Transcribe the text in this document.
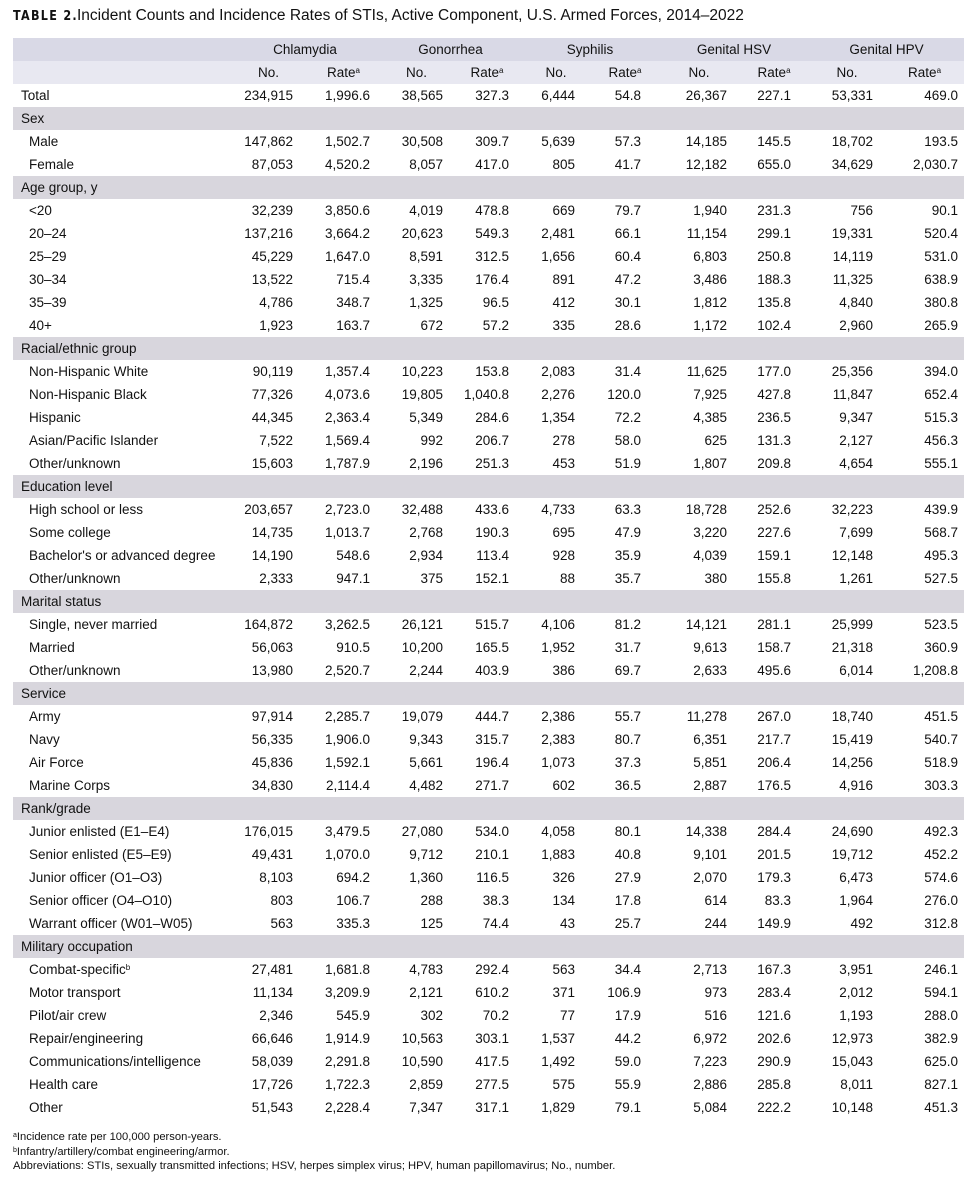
TABLE 2.Incident Counts and Incidence Rates of STIs, Active Component, U.S. Armed Forces, 2014–2022
	Chlamydia		Gonorrhea		Syphilis		Genital HSV		Genital HPV	
	No.	Rate$^a$	No.	Rate$^a$	No.	Rate$^a$	No.	Rate$^a$	No.	Rate$^a$
Total	234,915	1,996.6	38,565	327.3	6,444	54.8	26,367	227.1	53,331	469.0
Sex										
Male	147,862	1,502.7	30,508	309.7	5,639	57.3	14,185	145.5	18,702	193.5
Female	87,053	4,520.2	8,057	417.0	805	41.7	12,182	655.0	34,629	2,030.7
Age group, y										
<20	32,239	3,850.6	4,019	478.8	669	79.7	1,940	231.3	756	90.1
20–24	137,216	3,664.2	20,623	549.3	2,481	66.1	11,154	299.1	19,331	520.4
25–29	45,229	1,647.0	8,591	312.5	1,656	60.4	6,803	250.8	14,119	531.0
30–34	13,522	715.4	3,335	176.4	891	47.2	3,486	188.3	11,325	638.9
35–39	4,786	348.7	1,325	96.5	412	30.1	1,812	135.8	4,840	380.8
40+	1,923	163.7	672	57.2	335	28.6	1,172	102.4	2,960	265.9
Racial/ethnic group										
Non-Hispanic White	90,119	1,357.4	10,223	153.8	2,083	31.4	11,625	177.0	25,356	394.0
Non-Hispanic Black	77,326	4,073.6	19,805	1,040.8	2,276	120.0	7,925	427.8	11,847	652.4
Hispanic	44,345	2,363.4	5,349	284.6	1,354	72.2	4,385	236.5	9,347	515.3
Asian/Pacific Islander	7,522	1,569.4	992	206.7	278	58.0	625	131.3	2,127	456.3
Other/unknown	15,603	1,787.9	2,196	251.3	453	51.9	1,807	209.8	4,654	555.1
Education level										
High school or less	203,657	2,723.0	32,488	433.6	4,733	63.3	18,728	252.6	32,223	439.9
Some college	14,735	1,013.7	2,768	190.3	695	47.9	3,220	227.6	7,699	568.7
Bachelor's or advanced degree	14,190	548.6	2,934	113.4	928	35.9	4,039	159.1	12,148	495.3
Other/unknown	2,333	947.1	375	152.1	88	35.7	380	155.8	1,261	527.5
Marital status										
Single, never married	164,872	3,262.5	26,121	515.7	4,106	81.2	14,121	281.1	25,999	523.5
Married	56,063	910.5	10,200	165.5	1,952	31.7	9,613	158.7	21,318	360.9
Other/unknown	13,980	2,520.7	2,244	403.9	386	69.7	2,633	495.6	6,014	1,208.8
Service										
Army	97,914	2,285.7	19,079	444.7	2,386	55.7	11,278	267.0	18,740	451.5
Navy	56,335	1,906.0	9,343	315.7	2,383	80.7	6,351	217.7	15,419	540.7
Air Force	45,836	1,592.1	5,661	196.4	1,073	37.3	5,851	206.4	14,256	518.9
Marine Corps	34,830	2,114.4	4,482	271.7	602	36.5	2,887	176.5	4,916	303.3
Rank/grade										
Junior enlisted (E1–E4)	176,015	3,479.5	27,080	534.0	4,058	80.1	14,338	284.4	24,690	492.3
Senior enlisted (E5–E9)	49,431	1,070.0	9,712	210.1	1,883	40.8	9,101	201.5	19,712	452.2
Junior officer (O1–O3)	8,103	694.2	1,360	116.5	326	27.9	2,070	179.3	6,473	574.6
Senior officer (O4–O10)	803	106.7	288	38.3	134	17.8	614	83.3	1,964	276.0
Warrant officer (W01–W05)	563	335.3	125	74.4	43	25.7	244	149.9	492	312.8
Military occupation										
Combat-specific$^b$	27,481	1,681.8	4,783	292.4	563	34.4	2,713	167.3	3,951	246.1
Motor transport	11,134	3,209.9	2,121	610.2	371	106.9	973	283.4	2,012	594.1
Pilot/air crew	2,346	545.9	302	70.2	77	17.9	516	121.6	1,193	288.0
Repair/engineering	66,646	1,914.9	10,563	303.1	1,537	44.2	6,972	202.6	12,973	382.9
Communications/intelligence	58,039	2,291.8	10,590	417.5	1,492	59.0	7,223	290.9	15,043	625.0
Health care	17,726	1,722.3	2,859	277.5	575	55.9	2,886	285.8	8,011	827.1
Other	51,543	2,228.4	7,347	317.1	1,829	79.1	5,084	222.2	10,148	451.3
$^a$Incidence rate per 100,000 person-years.
$^b$Infantry/artillery/combat engineering/armor.
Abbreviations: STIs, sexually transmitted infections; HSV, herpes simplex virus; HPV, human papillomavirus; No., number.
